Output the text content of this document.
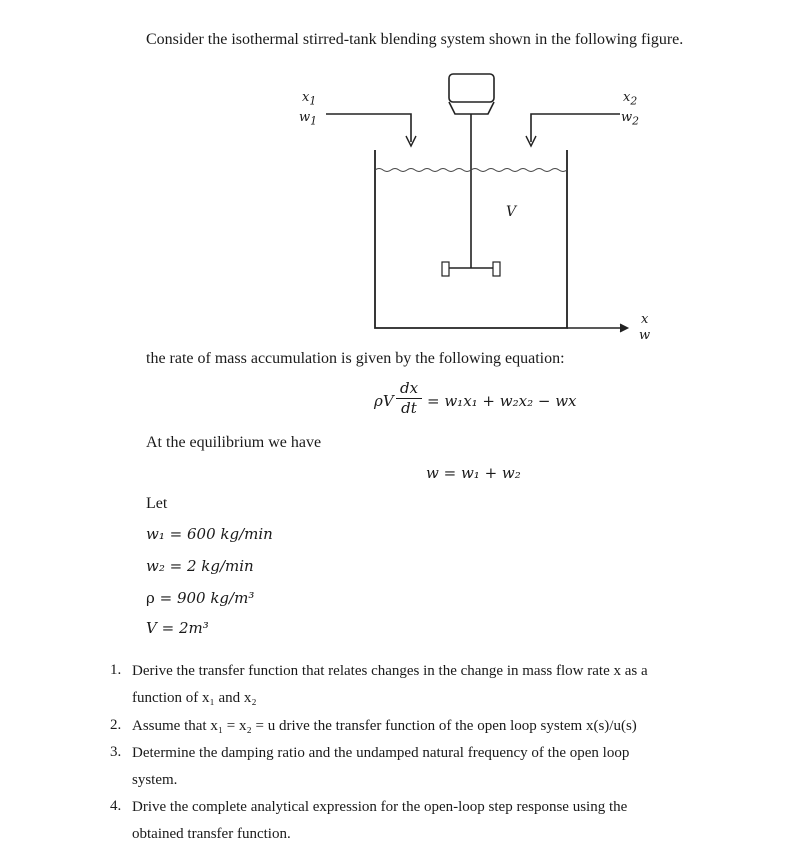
Consider the isothermal stirred-tank blending system shown in the following figure.
$x_1$
$w_1$
$x_2$
$w_2$
V
x
w
the rate of mass accumulation is given by the following equation:
ρV
dx
dt = w₁x₁ + w₂x₂ − wx
At the equilibrium we have
w = w₁ + w₂
Let
w₁ = 600 kg/min
w₂ = 2 kg/min
ρ = 900 kg/m³
V = 2m³
1. Derive the transfer function that relates changes in the change in mass flow rate x as a
function of x₁ and x₂
2. Assume that x₁ = x₂ = u drive the transfer function of the open loop system x(s)/u(s)
3. Determine the damping ratio and the undamped natural frequency of the open loop
system.
4. Drive the complete analytical expression for the open-loop step response using the
obtained transfer function.
